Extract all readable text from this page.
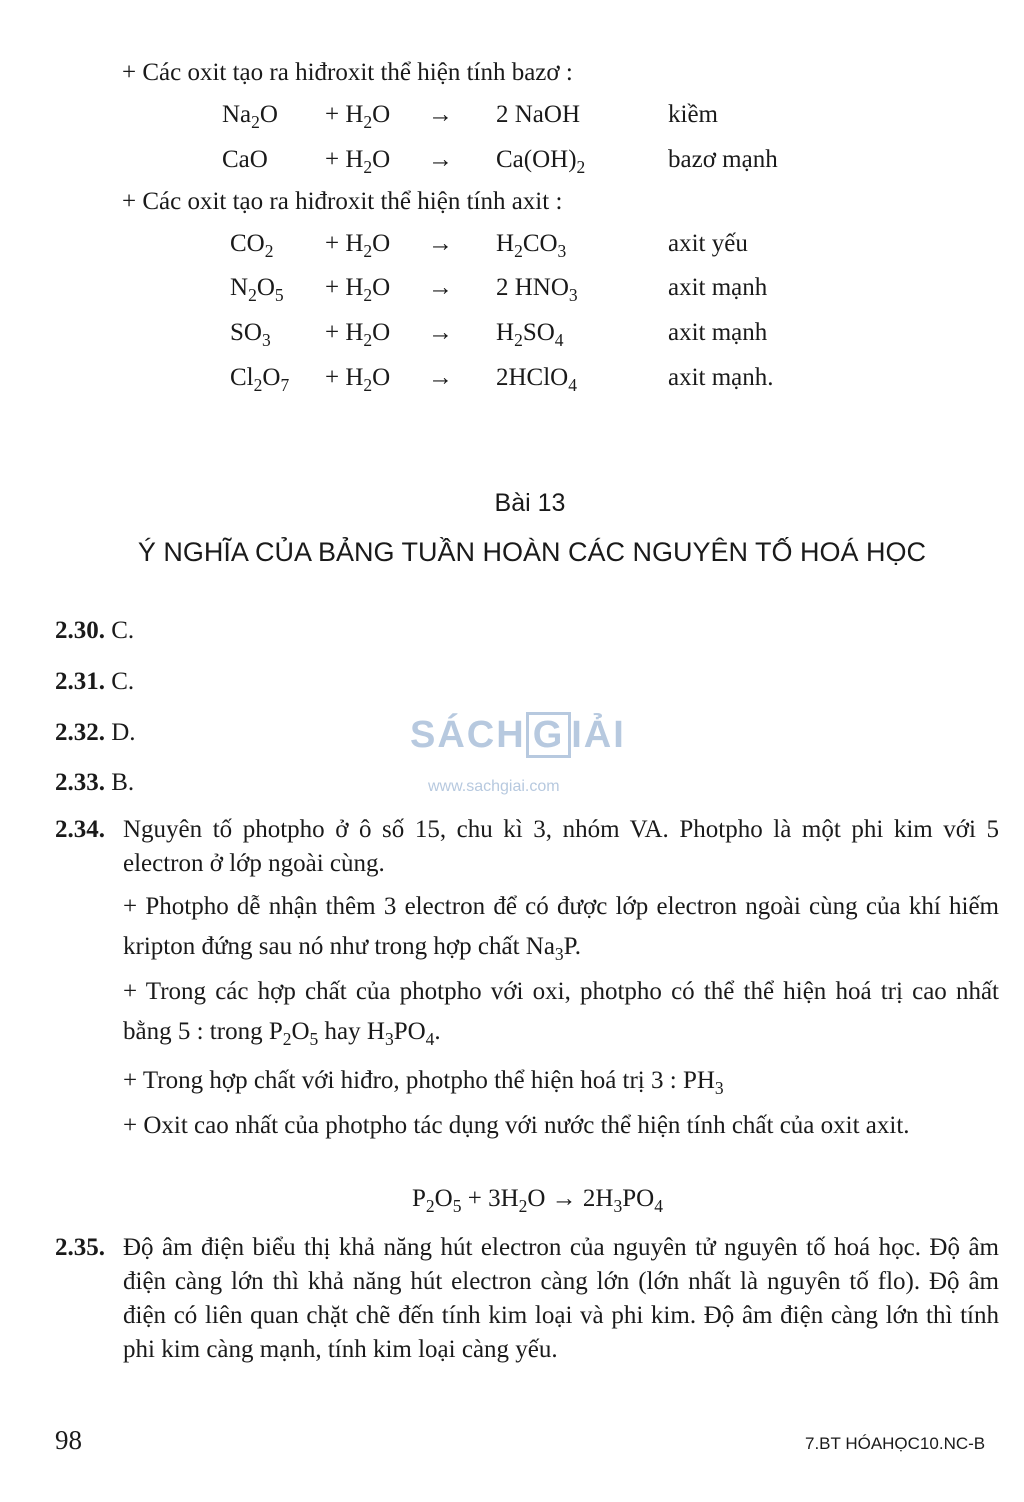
+ Các oxit tạo ra hiđroxit thể hiện tính bazơ :
$Na_2O + H_2O \to 2$ NaOH	kiềm
CaO + $H_2O \to Ca(OH)_2$	bazơ mạnh
+ Các oxit tạo ra hiđroxit thể hiện tính axit :
$CO_2 + H_2O \to H_2CO_3$	axit yếu
$N_2O_5 + H_2O \to 2$ $HNO_3$	axit mạnh
$SO_3 + H_2O \to H_2SO_4$	axit mạnh
$Cl_2O_7 + H_2O$ → 2HClO$_4$	axit mạnh.
Bài 13
Ý NGHĨA CỦA BẢNG TUẦN HOÀN CÁC NGUYÊN TỐ HOÁ HỌC
2.30. C.
2.31. C.
2.32. D.
2.33. B.
SÁCH G IẢI
www.sachgiai.com
2.34. Nguyên tố photpho ở ô số 15, chu kì 3, nhóm VA. Photpho là một phi kim với 5 electron ở lớp ngoài cùng.
+ Photpho dễ nhận thêm 3 electron để có được lớp electron ngoài cùng của khí hiếm kripton đứng sau nó như trong hợp chất $Na_3P$.
+ Trong các hợp chất của photpho với oxi, photpho có thể thể hiện hoá trị cao nhất bằng 5 : trong $P_2O_5$ hay $H_3PO_4$.
+ Trong hợp chất với hiđro, photpho thể hiện hoá trị 3 : $PH_3$
+ Oxit cao nhất của photpho tác dụng với nước thể hiện tính chất của oxit axit.
$P_2O_5 + 3H_2O \to 2H_3PO_4$
2.35. Độ âm điện biểu thị khả năng hút electron của nguyên tử nguyên tố hoá học. Độ âm điện càng lớn thì khả năng hút electron càng lớn (lớn nhất là nguyên tố flo). Độ âm điện có liên quan chặt chẽ đến tính kim loại và phi kim. Độ âm điện càng lớn thì tính phi kim càng mạnh, tính kim loại càng yếu.
98	7.BT HÓAHỌC10.NC-B
